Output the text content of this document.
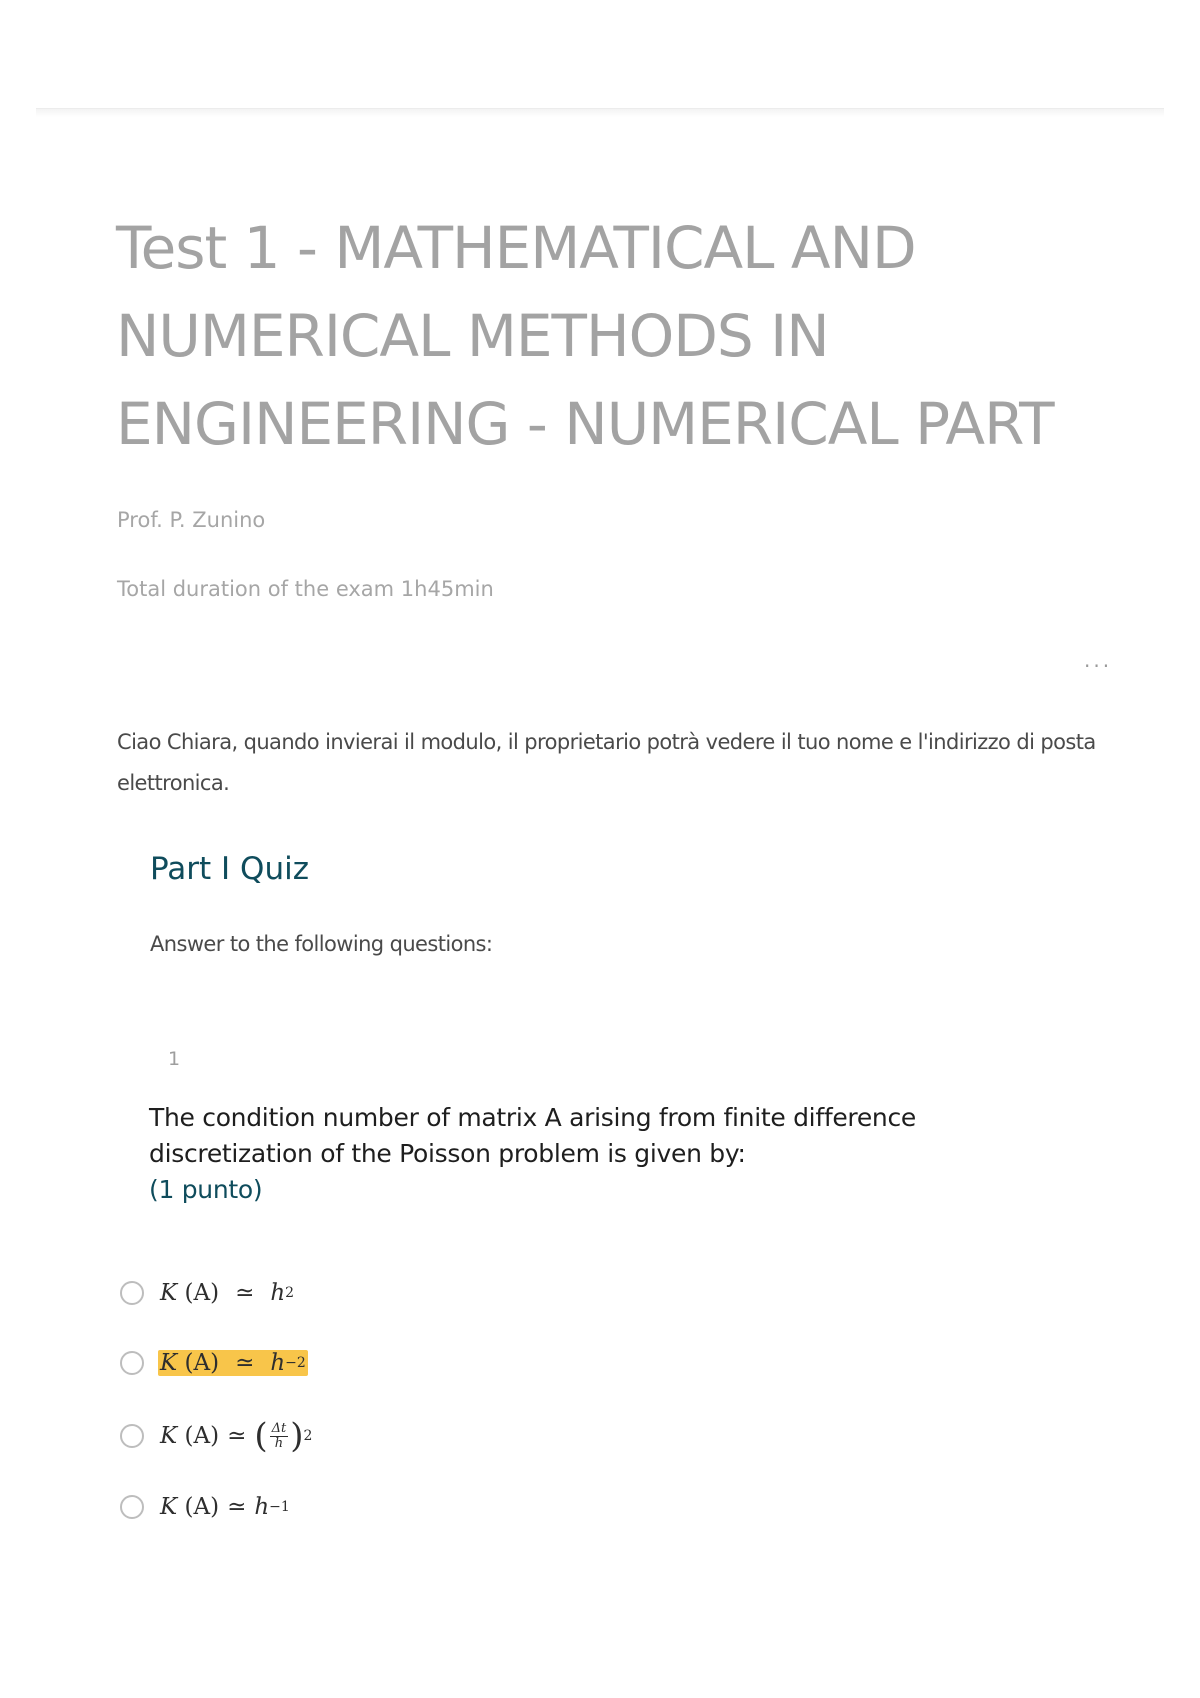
Test 1 - MATHEMATICAL AND NUMERICAL METHODS IN ENGINEERING - NUMERICAL PART

Prof. P. Zunino

Total duration of the exam 1h45min

...

Ciao Chiara, quando invierai il modulo, il proprietario potrà vedere il tuo nome e l'indirizzo di posta elettronica.

Part I Quiz

Answer to the following questions:

1

The condition number of matrix A arising from finite difference discretization of the Poisson problem is given by:
(1 punto)

K
(A) ≃ h 2
K
(A) ≃ h −2
K
(A) ≃ ( $\frac{\Delta t}{h}$ ) 2
K
(A) ≃ h −1
